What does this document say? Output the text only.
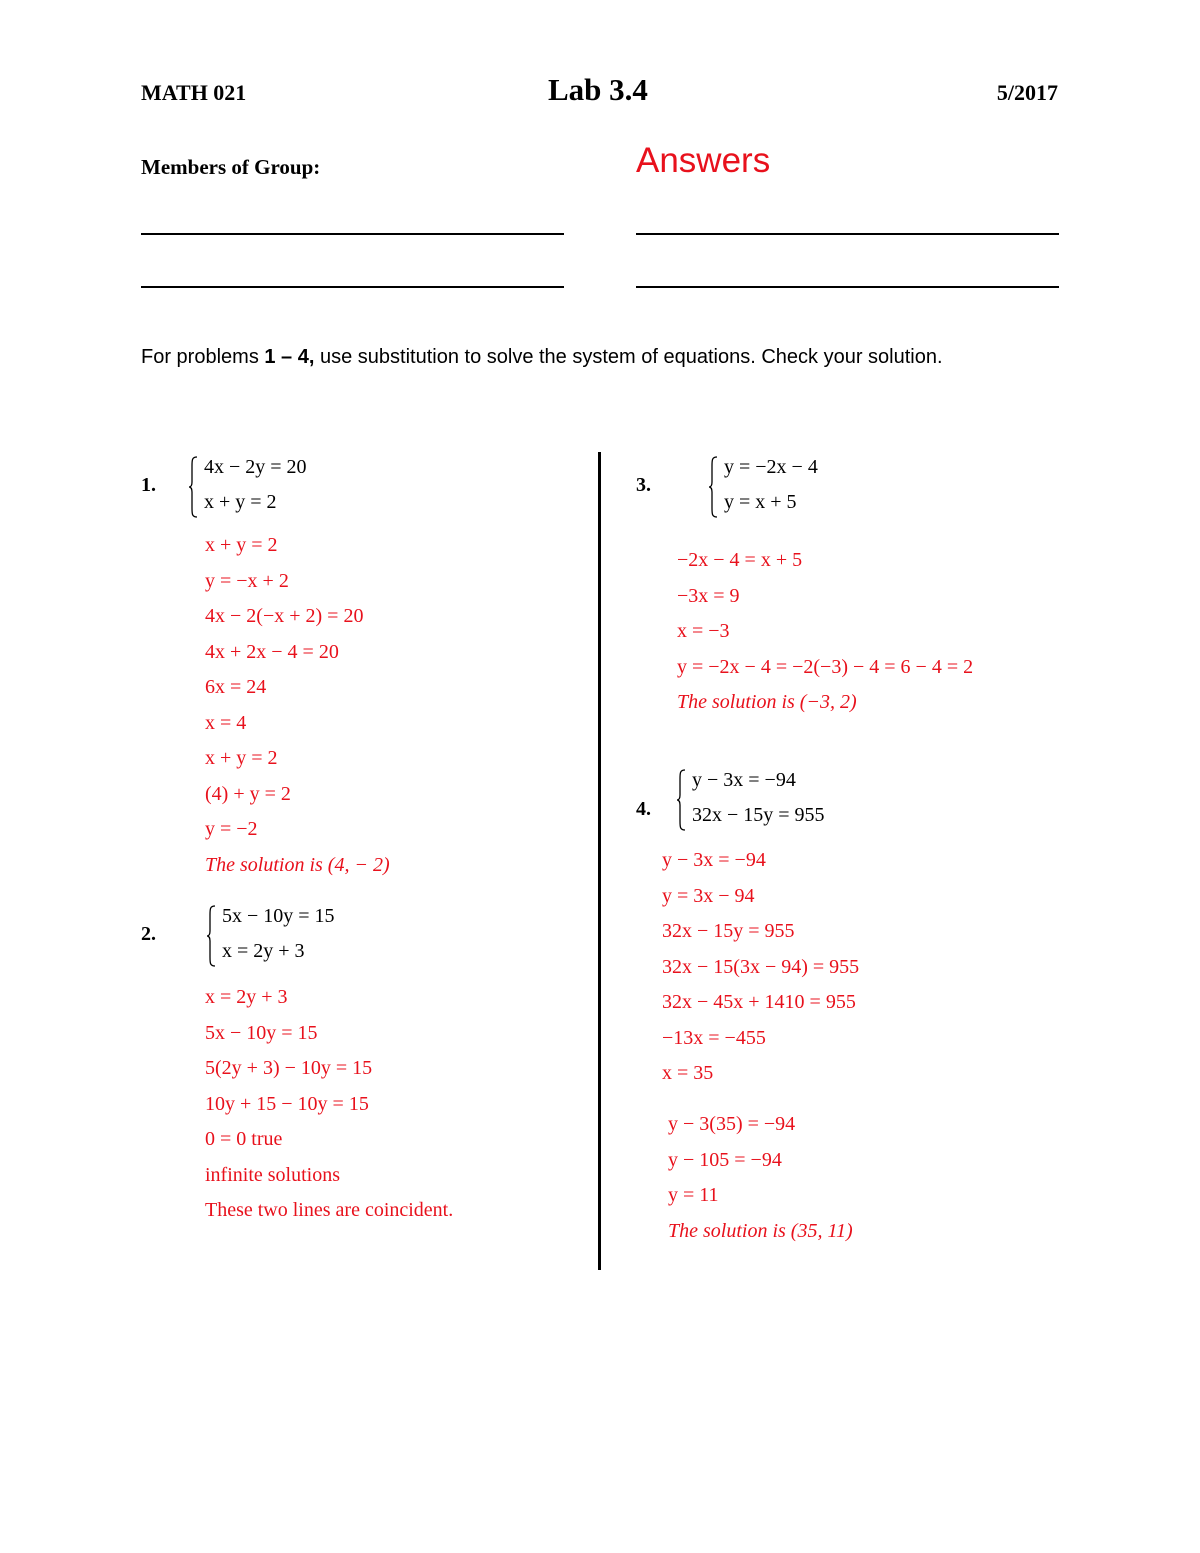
MATH 021	Lab 3.4	5/2017
Members of Group:	Answers
For problems 1 – 4, use substitution to solve the system of equations. Check your solution.
1.
4x − 2y = 20
x + y = 2
x + y = 2
y = −x + 2
4x − 2(−x + 2) = 20
4x + 2x − 4 = 20
6x = 24
x = 4
x + y = 2
(4) + y = 2
y = −2
The solution is (4, − 2)
2.
5x − 10y = 15
x = 2y + 3
x = 2y + 3
5x − 10y = 15
5(2y + 3) − 10y = 15
10y + 15 − 10y = 15
0 = 0 true
infinite solutions
These two lines are coincident.
3.
y = −2x − 4
y = x + 5
−2x − 4 = x + 5
−3x = 9
x = −3
y = −2x − 4 = −2(−3) − 4 = 6 − 4 = 2
The solution is (−3, 2)
4.
y − 3x = −94
32x − 15y = 955
y − 3x = −94
y = 3x − 94
32x − 15y = 955
32x − 15(3x − 94) = 955
32x − 45x + 1410 = 955
−13x = −455
x = 35
y − 3(35) = −94
y − 105 = −94
y = 11
The solution is (35, 11)
